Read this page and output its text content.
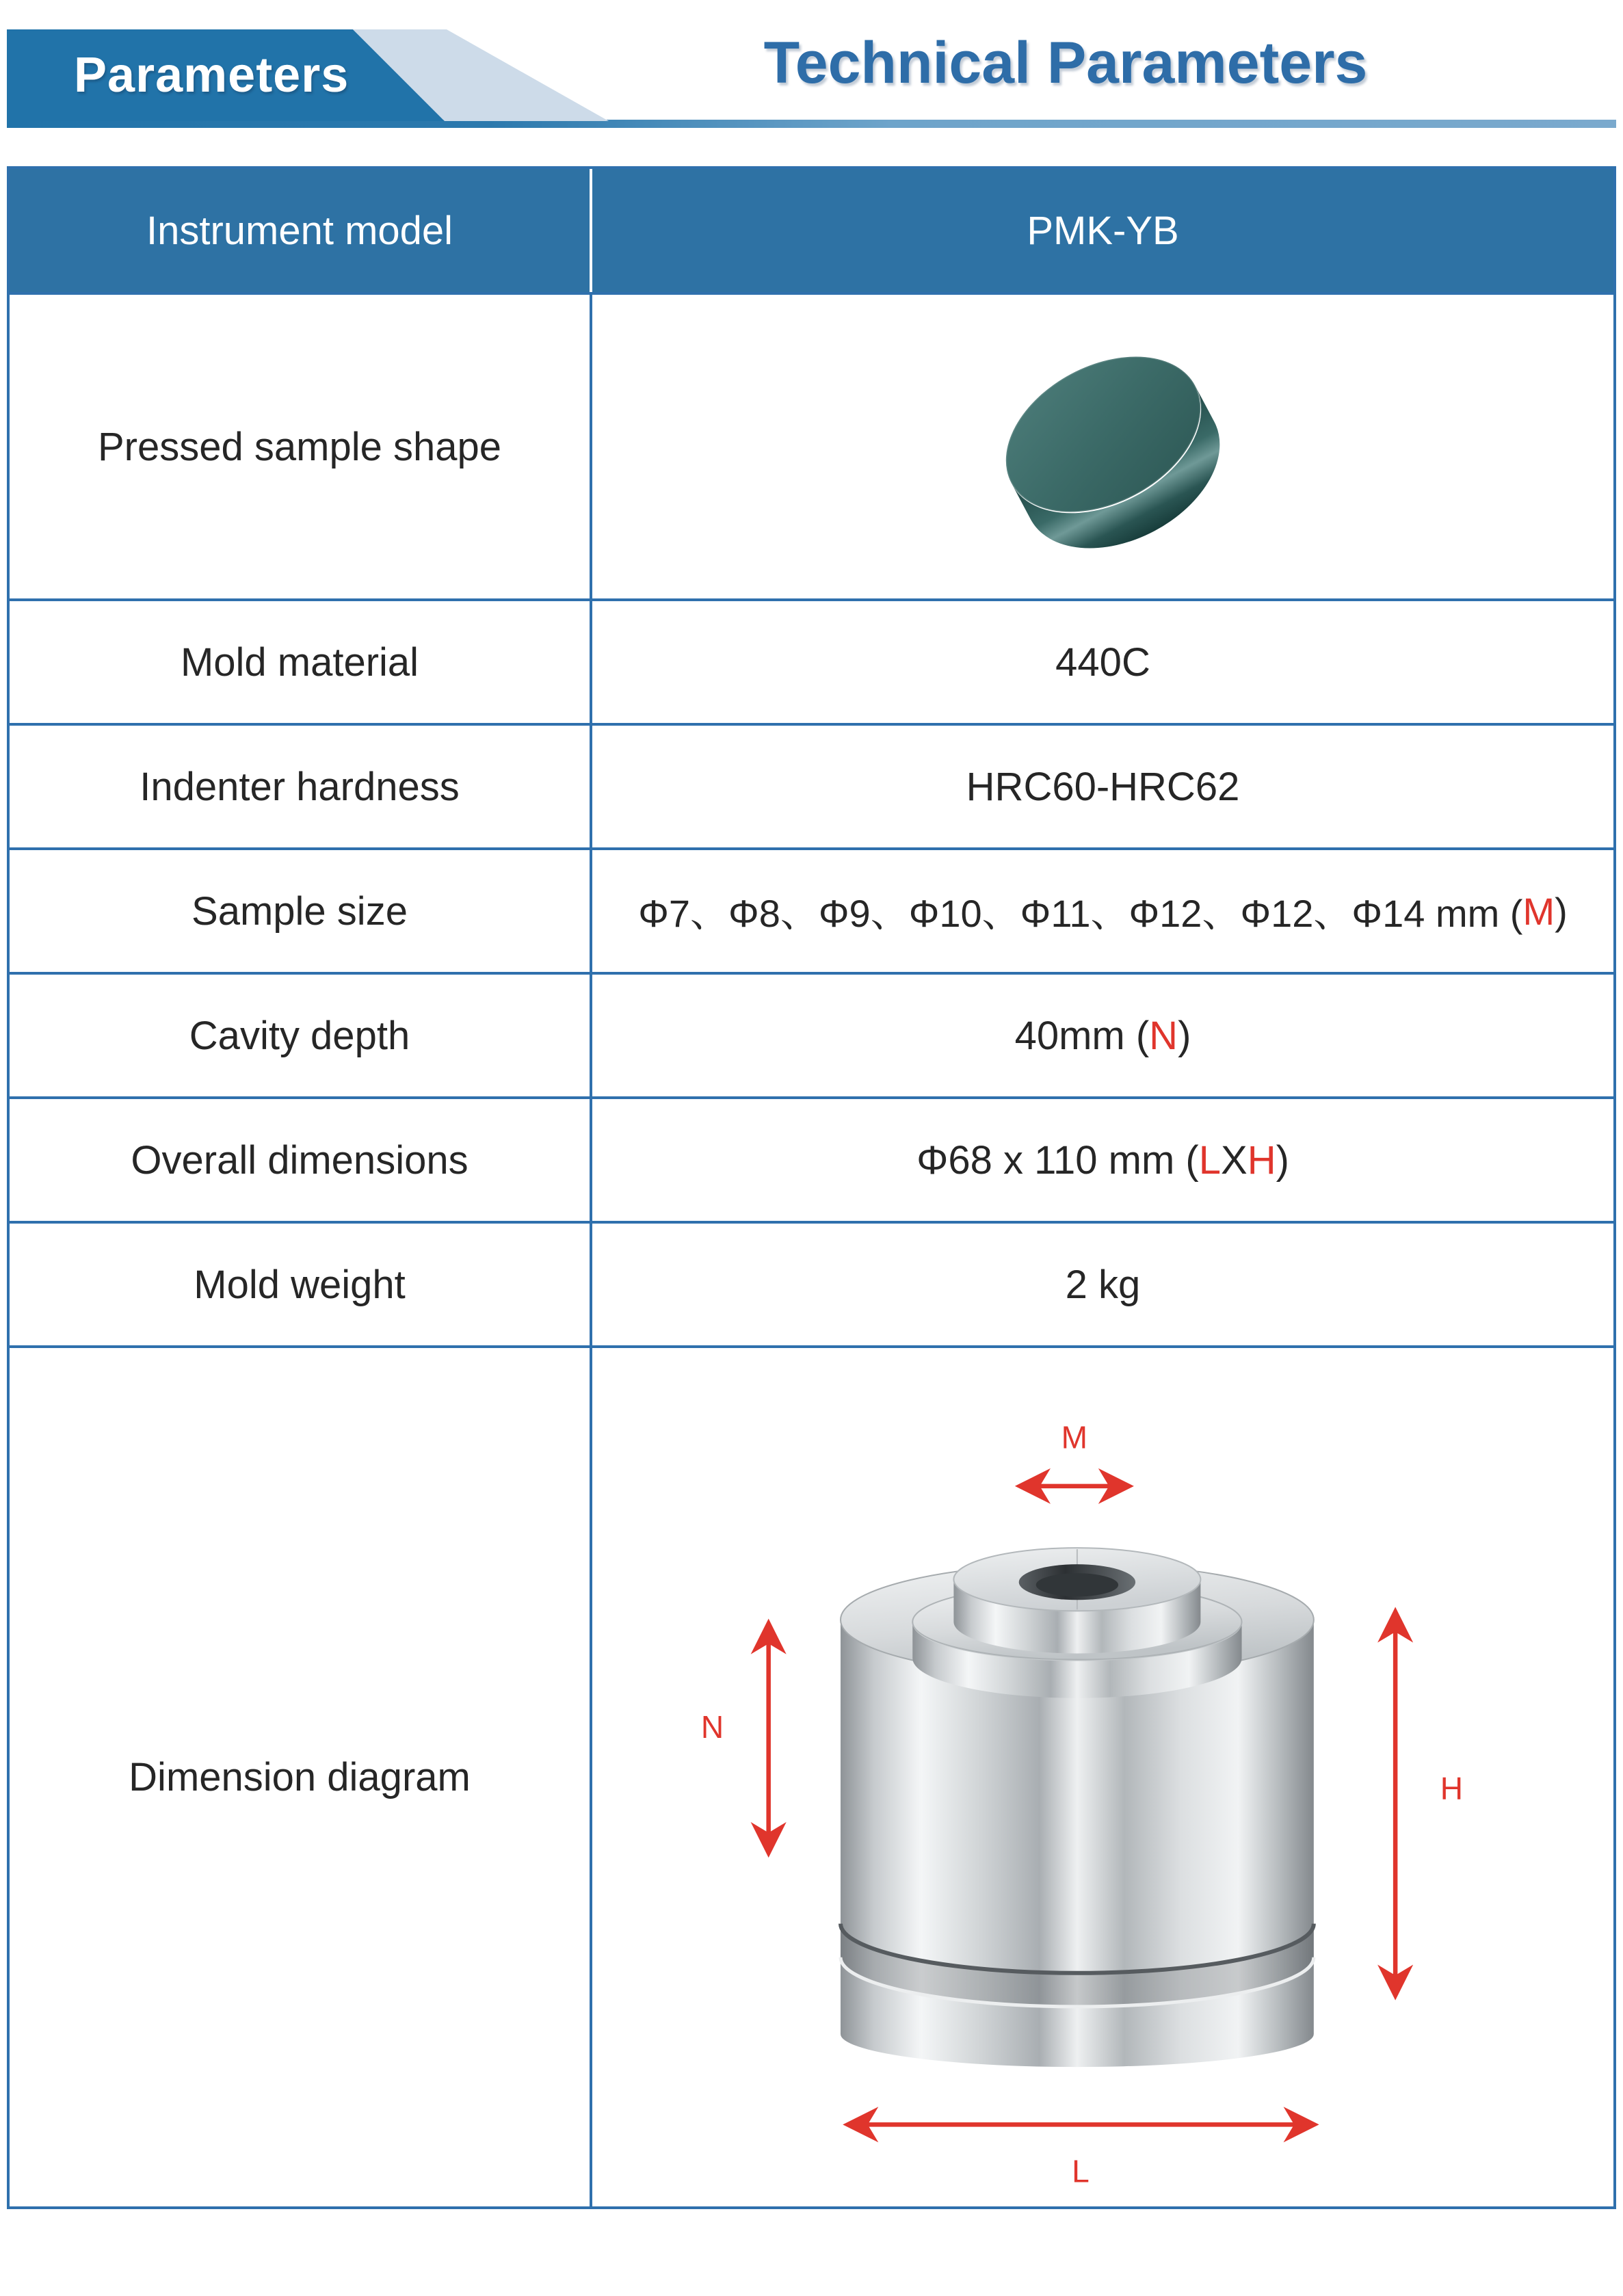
Parameters	Technical Parameters
Instrument model	PMK-YB
Pressed sample shape
Mold material	440C
Indenter hardness	HRC60-HRC62
Sample size	Φ7、Φ8、Φ9、Φ10、Φ11、Φ12、Φ12、Φ14 mm ( M )
Cavity depth	40mm ( N )
Overall dimensions	Φ68 x 110 mm ( L X H )
Mold weight	2 kg
Dimension diagram
M
N
H
L
